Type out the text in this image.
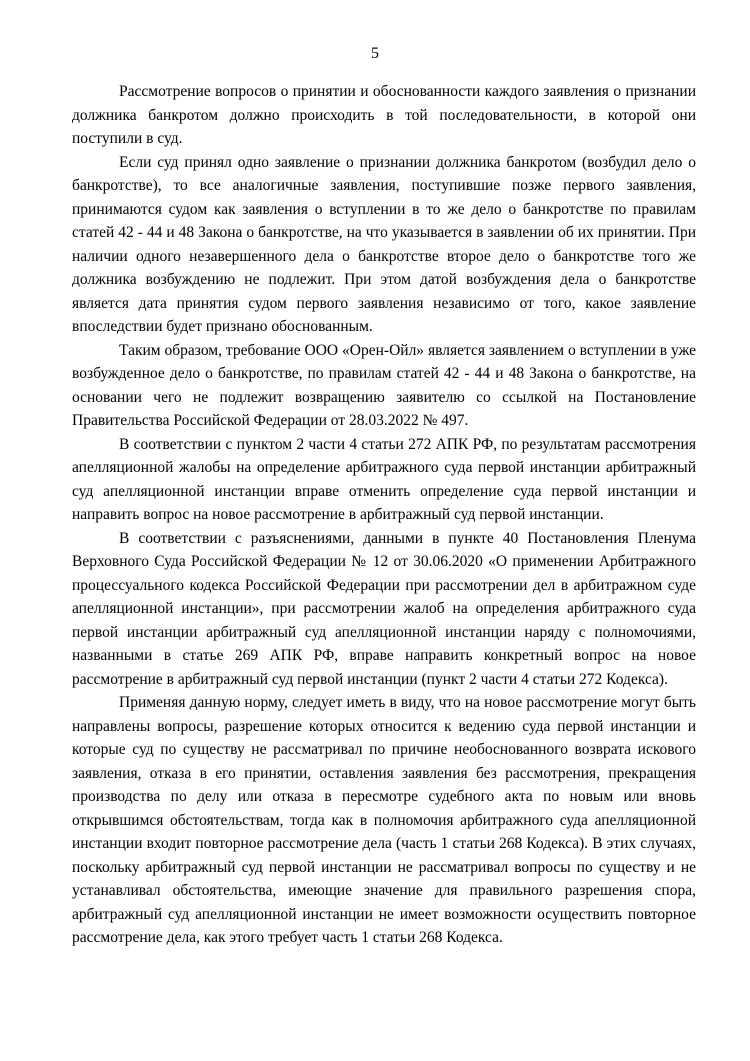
5

Рассмотрение вопросов о принятии и обоснованности каждого заявления о признании должника банкротом должно происходить в той последовательности, в которой они поступили в суд.

Если суд принял одно заявление о признании должника банкротом (возбудил дело о банкротстве), то все аналогичные заявления, поступившие позже первого заявления, принимаются судом как заявления о вступлении в то же дело о банкротстве по правилам статей 42 - 44 и 48 Закона о банкротстве, на что указывается в заявлении об их принятии. При наличии одного незавершенного дела о банкротстве второе дело о банкротстве того же должника возбуждению не подлежит. При этом датой возбуждения дела о банкротстве является дата принятия судом первого заявления независимо от того, какое заявление впоследствии будет признано обоснованным.

Таким образом, требование ООО «Орен-Ойл» является заявлением о вступлении в уже возбужденное дело о банкротстве, по правилам статей 42 - 44 и 48 Закона о банкротстве, на основании чего не подлежит возвращению заявителю со ссылкой на Постановление Правительства Российской Федерации от 28.03.2022 № 497.

В соответствии с пунктом 2 части 4 статьи 272 АПК РФ, по результатам рассмотрения апелляционной жалобы на определение арбитражного суда первой инстанции арбитражный суд апелляционной инстанции вправе отменить определение суда первой инстанции и направить вопрос на новое рассмотрение в арбитражный суд первой инстанции.

В соответствии с разъяснениями, данными в пункте 40 Постановления Пленума Верховного Суда Российской Федерации № 12 от 30.06.2020 «О применении Арбитражного процессуального кодекса Российской Федерации при рассмотрении дел в арбитражном суде апелляционной инстанции», при рассмотрении жалоб на определения арбитражного суда первой инстанции арбитражный суд апелляционной инстанции наряду с полномочиями, названными в статье 269 АПК РФ, вправе направить конкретный вопрос на новое рассмотрение в арбитражный суд первой инстанции (пункт 2 части 4 статьи 272 Кодекса).

Применяя данную норму, следует иметь в виду, что на новое рассмотрение могут быть направлены вопросы, разрешение которых относится к ведению суда первой инстанции и которые суд по существу не рассматривал по причине необоснованного возврата искового заявления, отказа в его принятии, оставления заявления без рассмотрения, прекращения производства по делу или отказа в пересмотре судебного акта по новым или вновь открывшимся обстоятельствам, тогда как в полномочия арбитражного суда апелляционной инстанции входит повторное рассмотрение дела (часть 1 статьи 268 Кодекса). В этих случаях, поскольку арбитражный суд первой инстанции не рассматривал вопросы по существу и не устанавливал обстоятельства, имеющие значение для правильного разрешения спора, арбитражный суд апелляционной инстанции не имеет возможности осуществить повторное рассмотрение дела, как этого требует часть 1 статьи 268 Кодекса.
